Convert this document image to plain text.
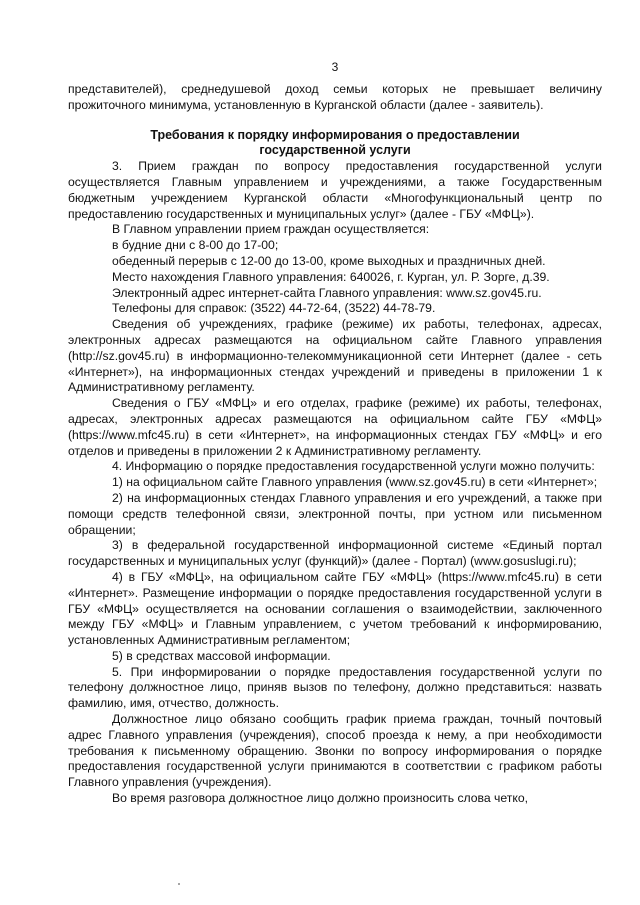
3

представителей), среднедушевой доход семьи которых не превышает величину прожиточного минимума, установленную в Курганской области (далее - заявитель).

Требования к порядку информирования о предоставлении
государственной услуги

3. Прием граждан по вопросу предоставления государственной услуги осуществляется Главным управлением и учреждениями, а также Государственным бюджетным учреждением Курганской области «Многофункциональный центр по предоставлению государственных и муниципальных услуг» (далее - ГБУ «МФЦ»).

В Главном управлении прием граждан осуществляется:

в будние дни с 8-00 до 17-00;

обеденный перерыв с 12-00 до 13-00, кроме выходных и праздничных дней.

Место нахождения Главного управления: 640026, г. Курган, ул. Р. Зорге, д.39.

Электронный адрес интернет-сайта Главного управления: www.sz.gov45.ru.

Телефоны для справок: (3522) 44-72-64, (3522) 44-78-79.

Сведения об учреждениях, графике (режиме) их работы, телефонах, адресах, электронных адресах размещаются на официальном сайте Главного управления (http://sz.gov45.ru) в информационно-телекоммуникационной сети Интернет (далее - сеть «Интернет»), на информационных стендах учреждений и приведены в приложении 1 к Административному регламенту.

Сведения о ГБУ «МФЦ» и его отделах, графике (режиме) их работы, телефонах, адресах, электронных адресах размещаются на официальном сайте ГБУ «МФЦ» (https://www.mfc45.ru) в сети «Интернет», на информационных стендах ГБУ «МФЦ» и его отделов и приведены в приложении 2 к Административному регламенту.

4. Информацию о порядке предоставления государственной услуги можно получить:

1) на официальном сайте Главного управления (www.sz.gov45.ru) в сети «Интернет»;

2) на информационных стендах Главного управления и его учреждений, а также при помощи средств телефонной связи, электронной почты, при устном или письменном обращении;

3) в федеральной государственной информационной системе «Единый портал государственных и муниципальных услуг (функций)» (далее - Портал) (www.gosuslugi.ru);

4) в ГБУ «МФЦ», на официальном сайте ГБУ «МФЦ» (https://www.mfc45.ru) в сети «Интернет». Размещение информации о порядке предоставления государственной услуги в ГБУ «МФЦ» осуществляется на основании соглашения о взаимодействии, заключенного между ГБУ «МФЦ» и Главным управлением, с учетом требований к информированию, установленных Административным регламентом;

5) в средствах массовой информации.

5. При информировании о порядке предоставления государственной услуги по телефону должностное лицо, приняв вызов по телефону, должно представиться: назвать фамилию, имя, отчество, должность.

Должностное лицо обязано сообщить график приема граждан, точный почтовый адрес Главного управления (учреждения), способ проезда к нему, а при необходимости требования к письменному обращению. Звонки по вопросу информирования о порядке предоставления государственной услуги принимаются в соответствии с графиком работы Главного управления (учреждения).

Во время разговора должностное лицо должно произносить слова четко,
